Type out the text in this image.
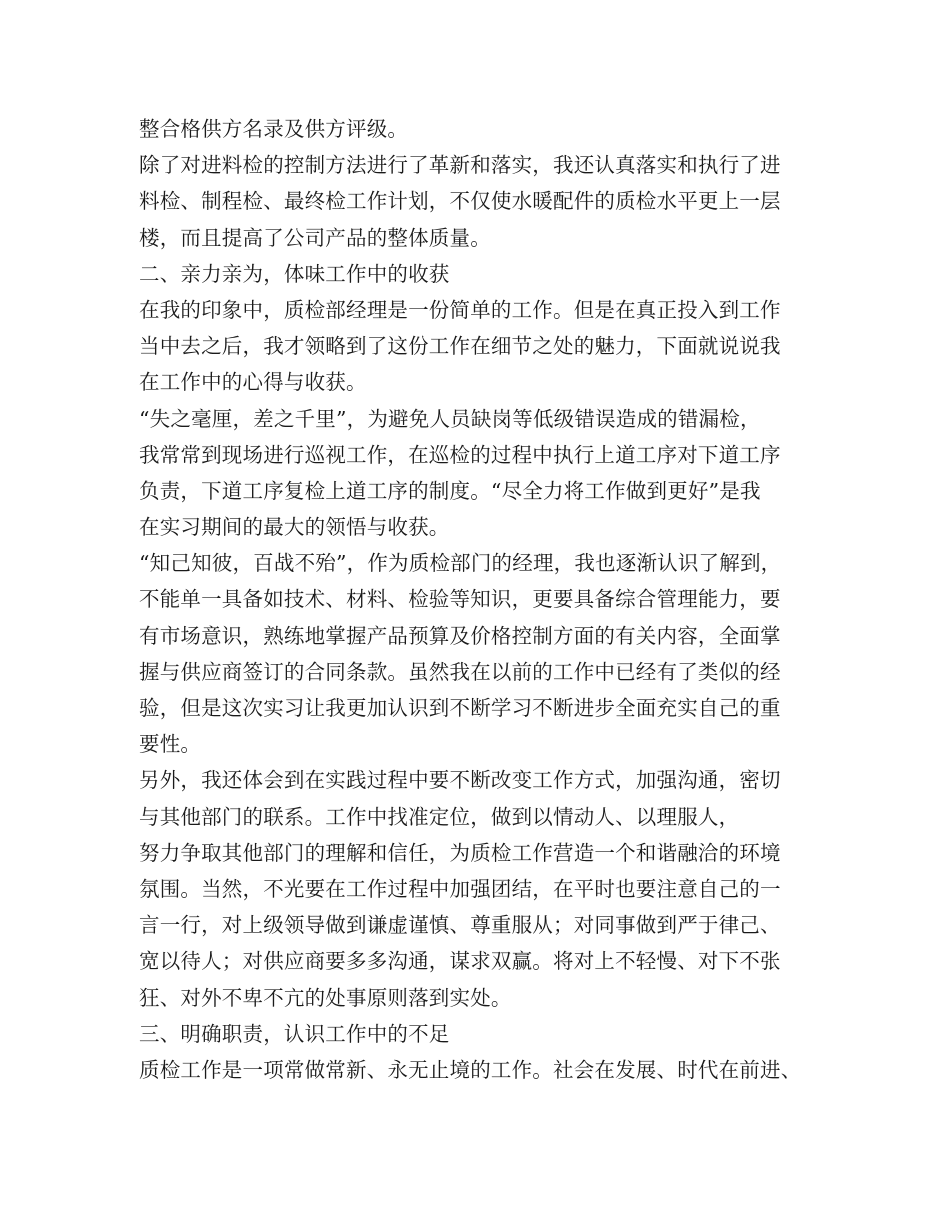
整合格供方名录及供方评级。
除了对进料检的控制方法进行了革新和落实，我还认真落实和执行了进
料检、制程检、最终检工作计划，不仅使水暖配件的质检水平更上一层
楼，而且提高了公司产品的整体质量。
二、亲力亲为，体味工作中的收获
在我的印象中，质检部经理是一份简单的工作。但是在真正投入到工作
当中去之后，我才领略到了这份工作在细节之处的魅力，下面就说说我
在工作中的心得与收获。
“失之毫厘，差之千里”，为避免人员缺岗等低级错误造成的错漏检，
我常常到现场进行巡视工作，在巡检的过程中执行上道工序对下道工序
负责，下道工序复检上道工序的制度。“尽全力将工作做到更好”是我
在实习期间的最大的领悟与收获。
“知己知彼，百战不殆”，作为质检部门的经理，我也逐渐认识了解到，
不能单一具备如技术、材料、检验等知识，更要具备综合管理能力，要
有市场意识，熟练地掌握产品预算及价格控制方面的有关内容，全面掌
握与供应商签订的合同条款。虽然我在以前的工作中已经有了类似的经
验，但是这次实习让我更加认识到不断学习不断进步全面充实自己的重
要性。
另外，我还体会到在实践过程中要不断改变工作方式，加强沟通，密切
与其他部门的联系。工作中找准定位，做到以情动人、以理服人，
努力争取其他部门的理解和信任，为质检工作营造一个和谐融洽的环境
氛围。当然，不光要在工作过程中加强团结，在平时也要注意自己的一
言一行，对上级领导做到谦虚谨慎、尊重服从；对同事做到严于律己、
宽以待人；对供应商要多多沟通，谋求双赢。将对上不轻慢、对下不张
狂、对外不卑不亢的处事原则落到实处。
三、明确职责，认识工作中的不足
质检工作是一项常做常新、永无止境的工作。社会在发展、时代在前进、
